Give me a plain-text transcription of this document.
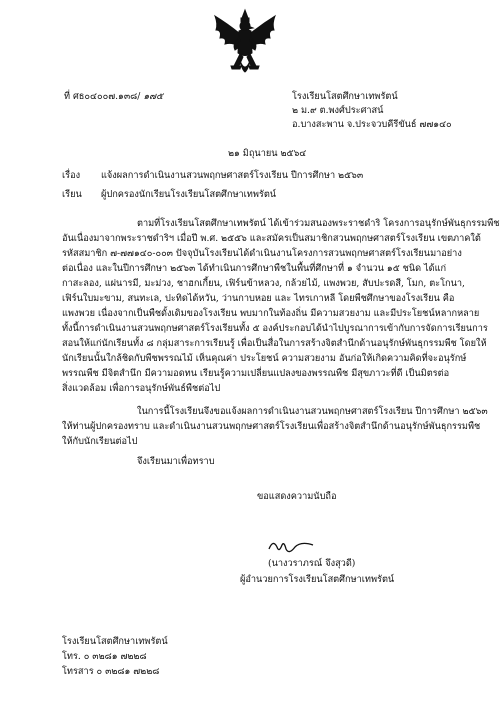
ที่ ศธ๐๔๐๐๗.๑๓๘/ ๑๗๕	โรงเรียนโสตศึกษาเทพรัตน์
๒ ม.๙ ต.พงศ์ประศาสน์
อ.บางสะพาน จ.ประจวบคีรีขันธ์ ๗๗๑๔๐
๒๑ มิถุนายน ๒๕๖๔
เรื่อง แจ้งผลการดำเนินงานสวนพฤกษศาสตร์โรงเรียน ปีการศึกษา ๒๕๖๓
เรียน ผู้ปกครองนักเรียนโรงเรียนโสตศึกษาเทพรัตน์
ตามที่โรงเรียนโสตศึกษาเทพรัตน์ ได้เข้าร่วมสนองพระราชดำริ โครงการอนุรักษ์พันธุกรรมพืช
อันเนื่องมาจากพระราชดำริฯ เมื่อปี พ.ศ. ๒๕๕๖ และสมัครเป็นสมาชิกสวนพฤกษศาสตร์โรงเรียน เขตภาคใต้
รหัสสมาชิก ๗-๗๗๑๔๐-๐๐๓ ปัจจุบันโรงเรียนได้ดำเนินงานโครงการสวนพฤกษศาสตร์โรงเรียนมาอย่าง
ต่อเนื่อง และในปีการศึกษา ๒๕๖๓ ได้ทำเนินการศึกษาพืชในพื้นที่ศึกษาที่ ๑ จำนวน ๑๕ ชนิด ได้แก่
กาสะลอง, แผ่นารมี, มะม่วง, ชาฮกเกี้ยน, เฟิร์นข้าหลวง, กล้วยไม้, แพงพวย, สับปะรดสี, โมก, ตะโกนา,
เฟิร์นใบมะขาม, สนทะเล, ปะทิดได้หวัน, ว่านกาบหอย และ ไทรเกาหลี โดยพืชศึกษาของโรงเรียน คือ
แพงพวย เนื่องจากเป็นพืชดั้งเดิมของโรงเรียน พบมากในท้องถิ่น มีความสวยงาม และมีประโยชน์หลากหลาย
ทั้งนี้การดำเนินงานสวนพฤกษศาสตร์โรงเรียนทั้ง ๕ องค์ประกอบได้นำไปบูรณาการเข้ากับการจัดการเรียนการ
สอนให้แก่นักเรียนทั้ง ๘ กลุ่มสาระการเรียนรู้ เพื่อเป็นสื่อในการสร้างจิตสำนึกด้านอนุรักษ์พันธุกรรมพืช โดยให้
นักเรียนนั้นใกล้ชิดกับพืชพรรณไม้ เห็นคุณค่า ประโยชน์ ความสวยงาม อันก่อให้เกิดความคิดที่จะอนุรักษ์
พรรณพืช มีจิตสำนึก มีความอดทน เรียนรู้ความเปลี่ยนแปลงของพรรณพืช มีสุขภาวะที่ดี เป็นมิตรต่อ
สิ่งแวดล้อม เพื่อการอนุรักษ์พันธ์พืชต่อไป
ในการนี้โรงเรียนจึงขอแจ้งผลการดำเนินงานสวนพฤกษศาสตร์โรงเรียน ปีการศึกษา ๒๕๖๓
ให้ท่านผู้ปกครองทราบ และดำเนินงานสวนพฤกษศาสตร์โรงเรียนเพื่อสร้างจิตสำนึกด้านอนุรักษ์พันธุกรรมพืช
ให้กับนักเรียนต่อไป
จึงเรียนมาเพื่อทราบ
ขอแสดงความนับถือ
(นางวราภรณ์ จึงสุวดี)
ผู้อำนวยการโรงเรียนโสตศึกษาเทพรัตน์
โรงเรียนโสตศึกษาเทพรัตน์
โทร. ๐ ๓๒๘๑ ๗๒๒๘
โทรสาร ๐ ๓๒๘๑ ๗๒๒๘
